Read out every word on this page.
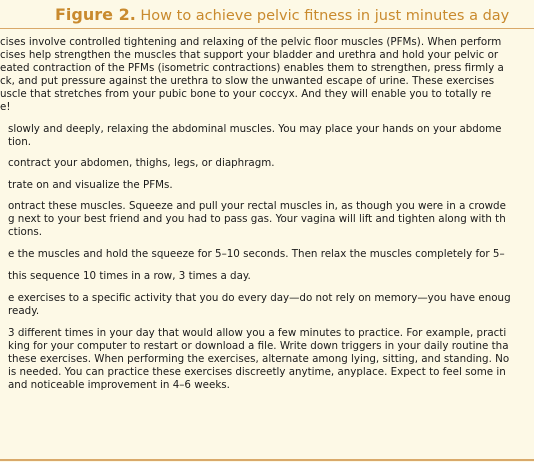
Figure 2. How to achieve pelvic fitness in just minutes a day
cises involve controlled tightening and relaxing of the pelvic floor muscles (PFMs). When perform
cises help strengthen the muscles that support your bladder and urethra and hold your pelvic or
eated contraction of the PFMs (isometric contractions) enables them to strengthen, press firmly a
ck, and put pressure against the urethra to slow the unwanted escape of urine. These exercises
uscle that stretches from your pubic bone to your coccyx. And they will enable you to totally re
e!
slowly and deeply, relaxing the abdominal muscles. You may place your hands on your abdome
tion.
contract your abdomen, thighs, legs, or diaphragm.
trate on and visualize the PFMs.
ontract these muscles. Squeeze and pull your rectal muscles in, as though you were in a crowde
g next to your best friend and you had to pass gas. Your vagina will lift and tighten along with th
ctions.
e the muscles and hold the squeeze for 5–10 seconds. Then relax the muscles completely for 5–
this sequence 10 times in a row, 3 times a day.
e exercises to a specific activity that you do every day—do not rely on memory—you have enoug
ready.
3 different times in your day that would allow you a few minutes to practice. For example, practi
king for your computer to restart or download a file. Write down triggers in your daily routine tha
these exercises. When performing the exercises, alternate among lying, sitting, and standing. No
is needed. You can practice these exercises discreetly anytime, anyplace. Expect to feel some in
and noticeable improvement in 4–6 weeks.
